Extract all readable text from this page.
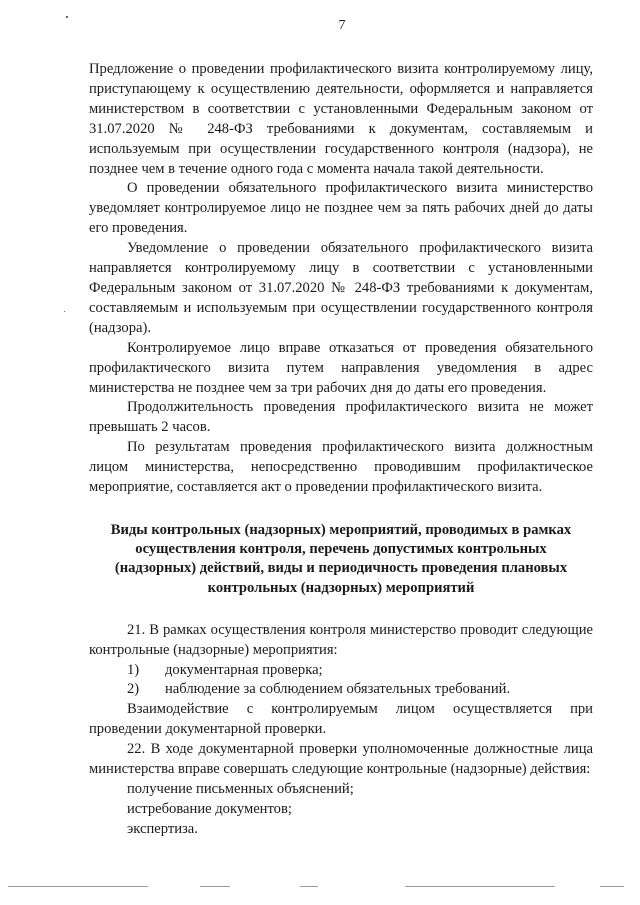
7

Предложение о проведении профилактического визита контролируемому лицу, приступающему к осуществлению деятельности, оформляется и направляется министерством в соответствии с установленными Федеральным законом от 31.07.2020 № 248-ФЗ требованиями к документам, составляемым и используемым при осуществлении государственного контроля (надзора), не позднее чем в течение одного года с момента начала такой деятельности.

О проведении обязательного профилактического визита министерство уведомляет контролируемое лицо не позднее чем за пять рабочих дней до даты его проведения.

Уведомление о проведении обязательного профилактического визита направляется контролируемому лицу в соответствии с установленными Федеральным законом от 31.07.2020 № 248-ФЗ требованиями к документам, составляемым и используемым при осуществлении государственного контроля (надзора).

Контролируемое лицо вправе отказаться от проведения обязательного профилактического визита путем направления уведомления в адрес министерства не позднее чем за три рабочих дня до даты его проведения.

Продолжительность проведения профилактического визита не может превышать 2 часов.

По результатам проведения профилактического визита должностным лицом министерства, непосредственно проводившим профилактическое мероприятие, составляется акт о проведении профилактического визита.

Виды контрольных (надзорных) мероприятий, проводимых в рамках осуществления контроля, перечень допустимых контрольных (надзорных) действий, виды и периодичность проведения плановых контрольных (надзорных) мероприятий

21. В рамках осуществления контроля министерство проводит следующие контрольные (надзорные) мероприятия:

1)	документарная проверка;
2)	наблюдение за соблюдением обязательных требований.

Взаимодействие с контролируемым лицом осуществляется при проведении документарной проверки.

22. В ходе документарной проверки уполномоченные должностные лица министерства вправе совершать следующие контрольные (надзорные) действия:

получение письменных объяснений;
истребование документов;
экспертиза.
